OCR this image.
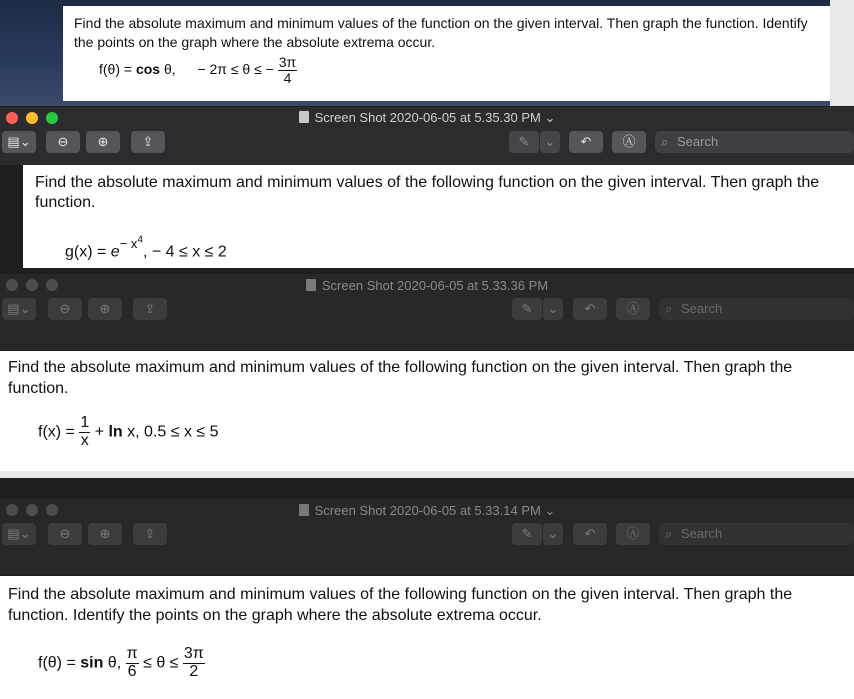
Find the absolute maximum and minimum values of the function on the given interval. Then graph the function. Identify the points on the graph where the absolute extrema occur.
f(θ) = cos θ, − 2π ≤ θ ≤ − $\frac{3\pi}{4}$
Screen Shot 2020-06-05 at 5.35.30 PM ⌄
▤⌄	⊖	⊕	⇪	✎	⌄	↶	Ⓐ	⌕ Search
Find the absolute maximum and minimum values of the following function on the given interval. Then graph the function.
$g(x) = e^{- x^4}$, − 4 ≤ x ≤ 2
Screen Shot 2020-06-05 at 5.33.36 PM
▤⌄	⊖	⊕	⇪	✎	⌄	↶	Ⓐ	⌕ Search
Find the absolute maximum and minimum values of the following function on the given interval. Then graph the function.
$f(x) = \frac{1}{x} + \ln x$, 0.5 ≤ x ≤ 5
Screen Shot 2020-06-05 at 5.33.14 PM ⌄
▤⌄	⊖	⊕	⇪	✎	⌄	↶	Ⓐ	⌕ Search
Find the absolute maximum and minimum values of the following function on the given interval. Then graph the function. Identify the points on the graph where the absolute extrema occur.
f(θ) = sin θ, $\frac{\pi}{6} \le \theta \le \frac{3\pi}{2}$
